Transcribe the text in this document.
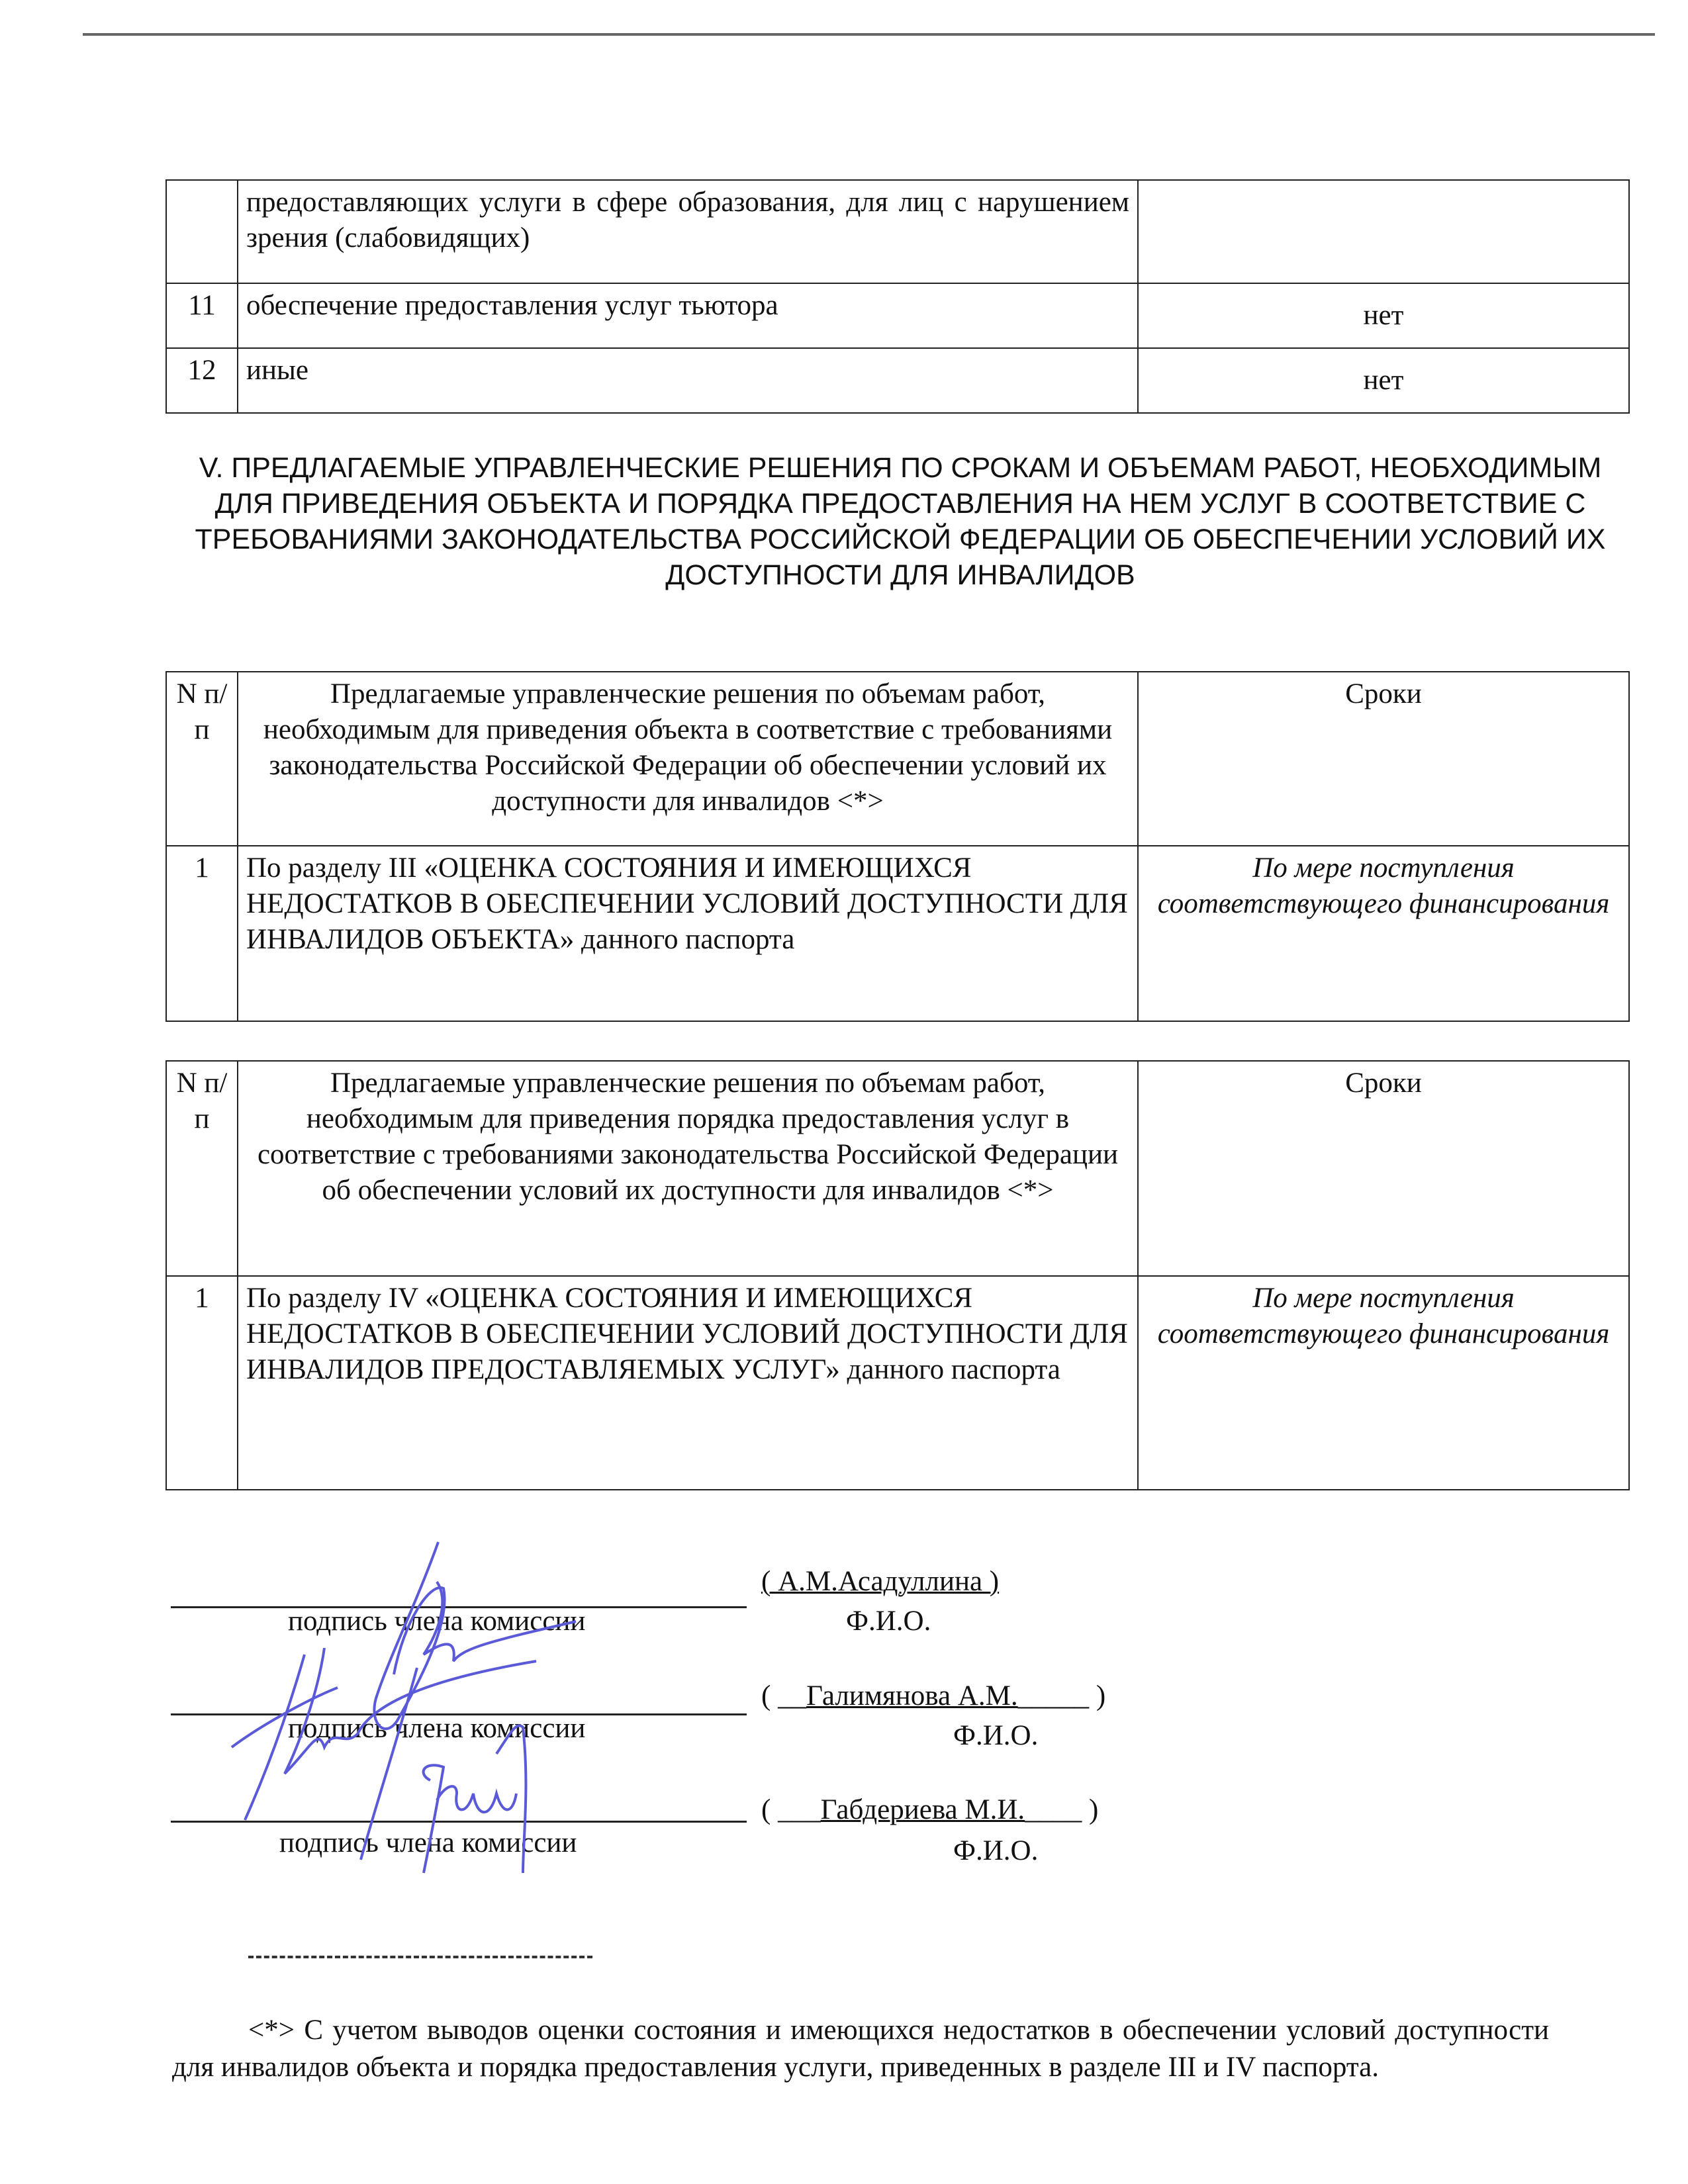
	предоставляющих услуги в сфере образования, для лиц с нарушением зрения (слабовидящих)	
11	обеспечение предоставления услуг тьютора	нет
12	иные	нет
V. ПРЕДЛАГАЕМЫЕ УПРАВЛЕНЧЕСКИЕ РЕШЕНИЯ ПО СРОКАМ И ОБЪЕМАМ РАБОТ, НЕОБХОДИМЫМ ДЛЯ ПРИВЕДЕНИЯ ОБЪЕКТА И ПОРЯДКА ПРЕДОСТАВЛЕНИЯ НА НЕМ УСЛУГ В СООТВЕТСТВИЕ С ТРЕБОВАНИЯМИ ЗАКОНОДАТЕЛЬСТВА РОССИЙСКОЙ ФЕДЕРАЦИИ ОБ ОБЕСПЕЧЕНИИ УСЛОВИЙ ИХ ДОСТУПНОСТИ ДЛЯ ИНВАЛИДОВ
N п/п	Предлагаемые управленческие решения по объемам работ, необходимым для приведения объекта в соответствие с требованиями законодательства Российской Федерации об обеспечении условий их доступности для инвалидов <*>	Сроки
1	По разделу III «ОЦЕНКА СОСТОЯНИЯ И ИМЕЮЩИХСЯ НЕДОСТАТКОВ В ОБЕСПЕЧЕНИИ УСЛОВИЙ ДОСТУПНОСТИ ДЛЯ ИНВАЛИДОВ ОБЪЕКТА» данного паспорта	По мере поступления соответствующего финансирования
N п/п	Предлагаемые управленческие решения по объемам работ, необходимым для приведения порядка предоставления услуг в соответствие с требованиями законодательства Российской Федерации об обеспечении условий их доступности для инвалидов <*>	Сроки
1	По разделу IV «ОЦЕНКА СОСТОЯНИЯ И ИМЕЮЩИХСЯ НЕДОСТАТКОВ В ОБЕСПЕЧЕНИИ УСЛОВИЙ ДОСТУПНОСТИ ДЛЯ ИНВАЛИДОВ ПРЕДОСТАВЛЯЕМЫХ УСЛУГ» данного паспорта	По мере поступления соответствующего финансирования
подпись члена комиссии
( А.М.Асадуллина )
Ф.И.О.
подпись члена комиссии
( __Галимянова А.М._____ )
Ф.И.О.
подпись члена комиссии
( ___Габдериева М.И.____ )
Ф.И.О.
<*> С учетом выводов оценки состояния и имеющихся недостатков в обеспечении условий доступности для инвалидов объекта и порядка предоставления услуги, приведенных в разделе III и IV паспорта.
